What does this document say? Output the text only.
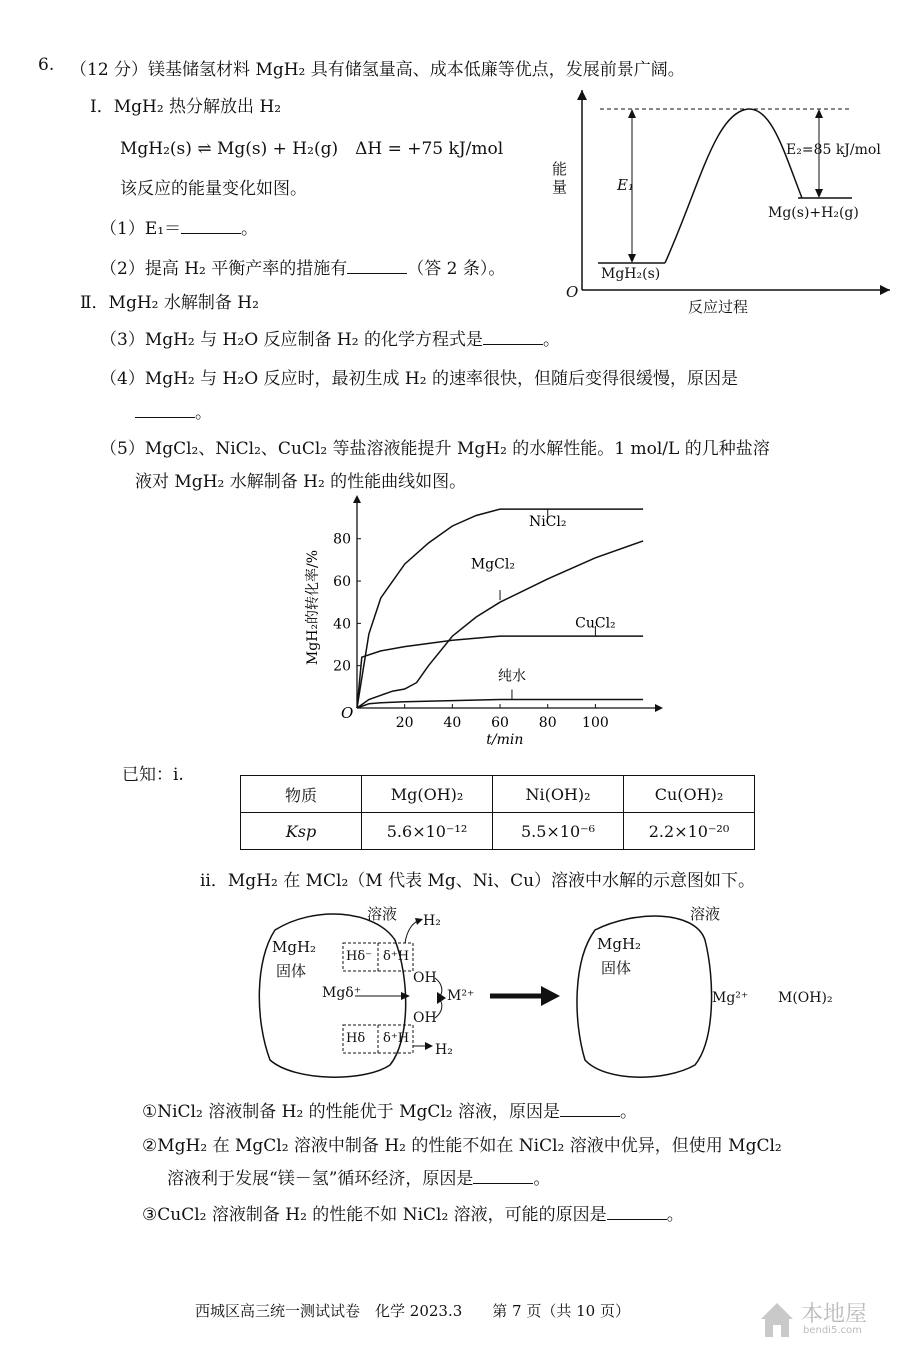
6. （12 分）镁基储氢材料 MgH₂ 具有储氢量高、成本低廉等优点，发展前景广阔。
Ⅰ．MgH₂ 热分解放出 H₂
MgH₂(s) ⇌ Mg(s) + H₂(g)　ΔH = +75 kJ/mol
该反应的能量变化如图。
（1）E₁＝	。
（2）提高 H₂ 平衡产率的措施有	（答 2 条）。
Ⅱ．MgH₂ 水解制备 H₂
（3）MgH₂ 与 H₂O 反应制备 H₂ 的化学方程式是	。
（4）MgH₂ 与 H₂O 反应时，最初生成 H₂ 的速率很快，但随后变得很缓慢，原因是
。
（5）MgCl₂、NiCl₂、CuCl₂ 等盐溶液能提升 MgH₂ 的水解性能。1 mol/L 的几种盐溶
液对 MgH₂ 水解制备 H₂ 的性能曲线如图。
能量
反应过程
O
E₁
E₂=85 kJ/mol
MgH₂(s)
Mg(s)+H₂(g)
20 40 60 80 100
20
40
60
80
O
t/min
MgH₂的转化率/%
NiCl₂
MgCl₂
CuCl₂
纯水
已知：i.
物质	Mg(OH)₂	Ni(OH)₂	Cu(OH)₂
Ksp	5.6×10⁻¹²	5.5×10⁻⁶	2.2×10⁻²⁰
ii．MgH₂ 在 MCl₂（M 代表 Mg、Ni、Cu）溶液中水解的示意图如下。
溶液 H₂
MgH₂
固体
Hδ⁻ δ⁺H
OH
Mgδ⁺	M²⁺
OH
Hδ δ⁺H
H₂
溶液
MgH₂
固体
Mg²⁺ M(OH)₂
①NiCl₂ 溶液制备 H₂ 的性能优于 MgCl₂ 溶液，原因是	。
②MgH₂ 在 MgCl₂ 溶液中制备 H₂ 的性能不如在 NiCl₂ 溶液中优异，但使用 MgCl₂
溶液利于发展“镁－氢”循环经济，原因是	。
③CuCl₂ 溶液制备 H₂ 的性能不如 NiCl₂ 溶液，可能的原因是	。
西城区高三统一测试试卷　化学 2023.3　　第 7 页（共 10 页）	本地屋
bendi5.com
